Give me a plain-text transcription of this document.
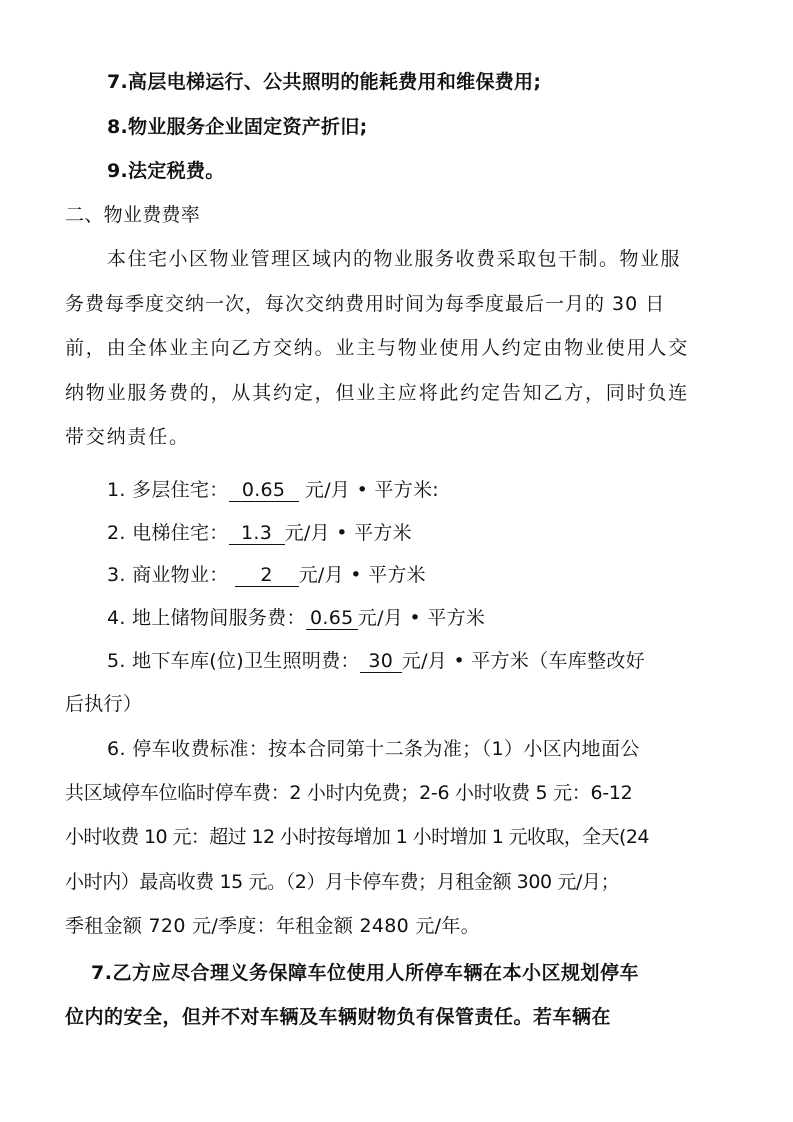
7.高层电梯运行、公共照明的能耗费用和维保费用;

8.物业服务企业固定资产折旧;

9.法定税费。

二、物业费费率

本住宅小区物业管理区域内的物业服务收费采取包干制。物业服

务费每季度交纳一次，每次交纳费用时间为每季度最后一月的 30 日

前，由全体业主向乙方交纳。业主与物业使用人约定由物业使用人交

纳物业服务费的，从其约定，但业主应将此约定告知乙方，同时负连

带交纳责任。

1. 多层住宅： 0.65 元/月 • 平方米:

2. 电梯住宅： 1.3 元/月 • 平方米

3. 商业物业： 2 元/月 • 平方米

4. 地上储物间服务费： 0.65 元/月 • 平方米

5. 地下车库(位)卫生照明费： 30 元/月 • 平方米（车库整改好

后执行）

6. 停车收费标准：按本合同第十二条为准；（1）小区内地面公

共区域停车位临时停车费：2 小时内免费；2-6 小时收费 5 元：6-12

小时收费 10 元：超过 12 小时按每增加 1 小时增加 1 元收取，全天(24

小时内）最高收费 15 元。（2）月卡停车费；月租金额 300 元/月；

季租金额 720 元/季度：年租金额 2480 元/年。

7.乙方应尽合理义务保障车位使用人所停车辆在本小区规划停车

位内的安全，但并不对车辆及车辆财物负有保管责任。若车辆在
